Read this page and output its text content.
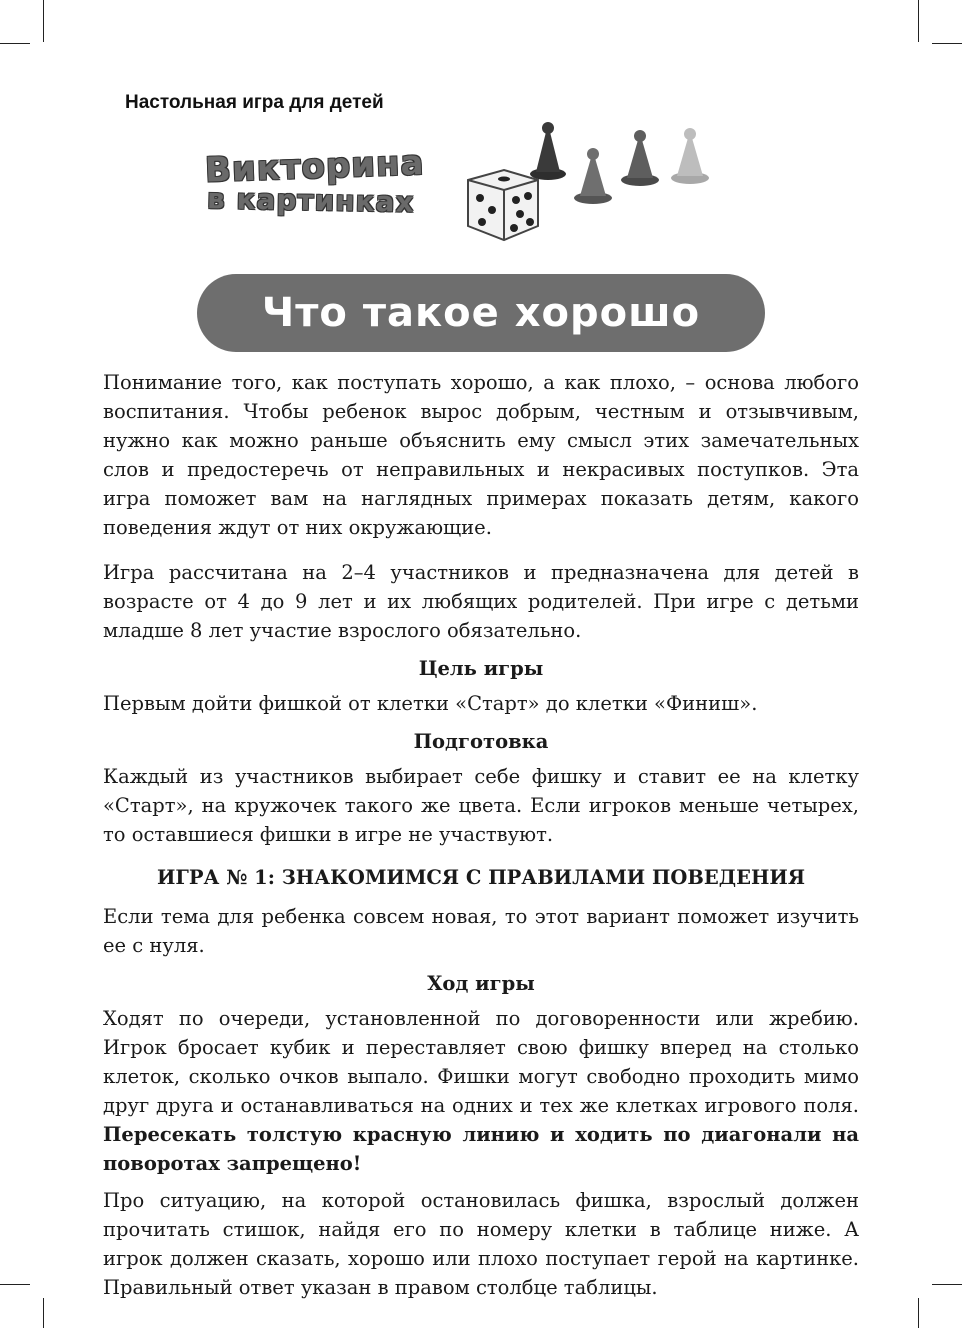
Настольная игра для детей
Викторина
в картинках
Что такое хорошо

Понимание того, как поступать хорошо, а как плохо, – основа любого воспитания. Чтобы ребенок вырос добрым, честным и отзывчивым, нужно как можно раньше объяснить ему смысл этих замечательных слов и предостеречь от неправильных и некрасивых поступков. Эта игра поможет вам на наглядных примерах показать детям, какого поведения ждут от них окружающие.

Игра рассчитана на 2–4 участников и предназначена для детей в возрасте от 4 до 9 лет и их любящих родителей. При игре с детьми младше 8 лет участие взрослого обязательно.

Цель игры

Первым дойти фишкой от клетки «Старт» до клетки «Финиш».

Подготовка

Каждый из участников выбирает себе фишку и ставит ее на клетку «Старт», на кружочек такого же цвета. Если игроков меньше четырех, то оставшиеся фишки в игре не участвуют.

ИГРА № 1: ЗНАКОМИМСЯ С ПРАВИЛАМИ ПОВЕДЕНИЯ

Если тема для ребенка совсем новая, то этот вариант поможет изучить ее с нуля.

Ход игры

Ходят по очереди, установленной по договоренности или жребию. Игрок бросает кубик и переставляет свою фишку вперед на столько клеток, сколько очков выпало. Фишки могут свободно проходить мимо друг друга и останавливаться на одних и тех же клетках игрового поля. Пересекать толстую красную линию и ходить по диагонали на поворотах запрещено!

Про ситуацию, на которой остановилась фишка, взрослый должен прочитать стишок, найдя его по номеру клетки в таблице ниже. А игрок должен сказать, хорошо или плохо поступает герой на картинке. Правильный ответ указан в правом столбце таблицы.
